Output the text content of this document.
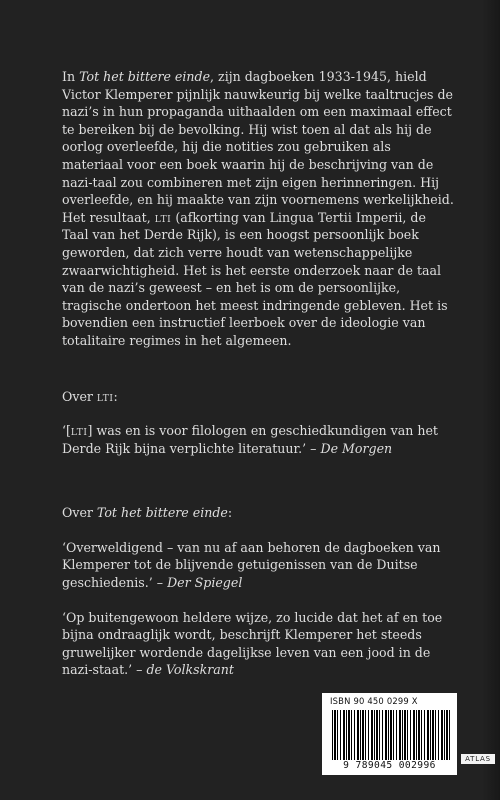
In Tot het bittere einde, zijn dagboeken 1933-1945, hield Victor Klemperer pijnlijk nauwkeurig bij welke taaltrucjes de nazi’s in hun propaganda uithaalden om een maximaal effect te bereiken bij de bevolking. Hij wist toen al dat als hij de oorlog overleefde, hij die notities zou gebruiken als materiaal voor een boek waarin hij de beschrijving van de nazi-taal zou combineren met zijn eigen herinneringen. Hij overleefde, en hij maakte van zijn voornemens werkelijkheid. Het resultaat, lti (afkorting van Lingua Tertii Imperii, de Taal van het Derde Rijk), is een hoogst persoonlijk boek geworden, dat zich verre houdt van wetenschappelijke zwaarwichtigheid. Het is het eerste onderzoek naar de taal van de nazi’s geweest – en het is om de persoonlijke, tragische ondertoon het meest indringende gebleven. Het is bovendien een instructief leerboek over de ideologie van totalitaire regimes in het algemeen.

Over lti:

‘[lti] was en is voor filologen en geschiedkundigen van het Derde Rijk bijna verplichte literatuur.’ – De Morgen

Over Tot het bittere einde:

‘Overweldigend – van nu af aan behoren de dagboeken van Klemperer tot de blijvende getuigenissen van de Duitse geschiedenis.’ – Der Spiegel

‘Op buitengewoon heldere wijze, zo lucide dat het af en toe bijna ondraaglijk wordt, beschrijft Klemperer het steeds gruwelijker wordende dagelijkse leven van een jood in de nazi-staat.’ – de Volkskrant

ISBN 90 450 0299 X
9 789045 002996
ATLAS
